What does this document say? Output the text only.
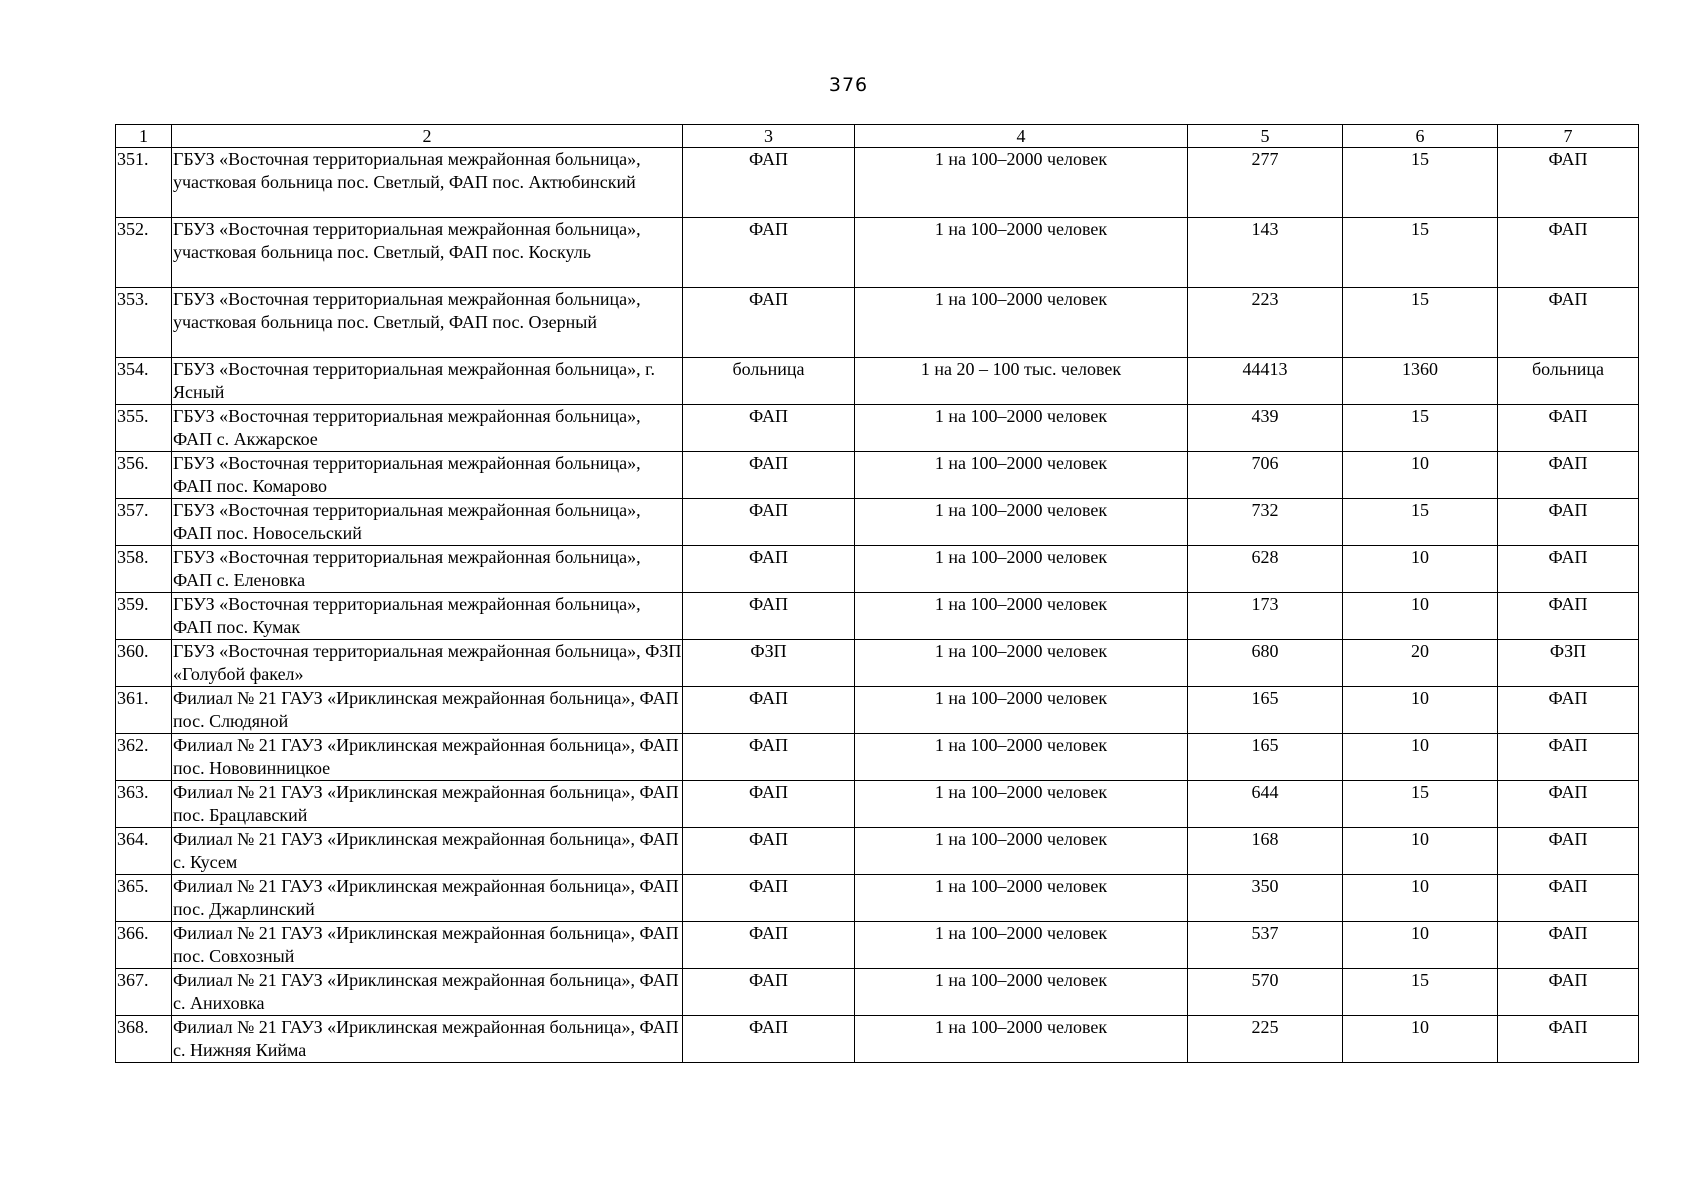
376
1	2	3	4	5	6	7
351.	ГБУЗ «Восточная территориальная межрайонная больница», участковая больница пос. Светлый, ФАП пос. Актюбинский	ФАП	1 на 100–2000 человек	277	15	ФАП
352.	ГБУЗ «Восточная территориальная межрайонная больница», участковая больница пос. Светлый, ФАП пос. Коскуль	ФАП	1 на 100–2000 человек	143	15	ФАП
353.	ГБУЗ «Восточная территориальная межрайонная больница», участковая больница пос. Светлый, ФАП пос. Озерный	ФАП	1 на 100–2000 человек	223	15	ФАП
354.	ГБУЗ «Восточная территориальная межрайонная больница», г. Ясный	больница	1 на 20 – 100 тыс. человек	44413	1360	больница
355.	ГБУЗ «Восточная территориальная межрайонная больница», ФАП с. Акжарское	ФАП	1 на 100–2000 человек	439	15	ФАП
356.	ГБУЗ «Восточная территориальная межрайонная больница», ФАП пос. Комарово	ФАП	1 на 100–2000 человек	706	10	ФАП
357.	ГБУЗ «Восточная территориальная межрайонная больница», ФАП пос. Новосельский	ФАП	1 на 100–2000 человек	732	15	ФАП
358.	ГБУЗ «Восточная территориальная межрайонная больница», ФАП с. Еленовка	ФАП	1 на 100–2000 человек	628	10	ФАП
359.	ГБУЗ «Восточная территориальная межрайонная больница», ФАП пос. Кумак	ФАП	1 на 100–2000 человек	173	10	ФАП
360.	ГБУЗ «Восточная территориальная межрайонная больница», ФЗП «Голубой факел»	ФЗП	1 на 100–2000 человек	680	20	ФЗП
361.	Филиал № 21 ГАУЗ «Ириклинская межрайонная больница», ФАП пос. Слюдяной	ФАП	1 на 100–2000 человек	165	10	ФАП
362.	Филиал № 21 ГАУЗ «Ириклинская межрайонная больница», ФАП пос. Нововинницкое	ФАП	1 на 100–2000 человек	165	10	ФАП
363.	Филиал № 21 ГАУЗ «Ириклинская межрайонная больница», ФАП пос. Брацлавский	ФАП	1 на 100–2000 человек	644	15	ФАП
364.	Филиал № 21 ГАУЗ «Ириклинская межрайонная больница», ФАП с. Кусем	ФАП	1 на 100–2000 человек	168	10	ФАП
365.	Филиал № 21 ГАУЗ «Ириклинская межрайонная больница», ФАП пос. Джарлинский	ФАП	1 на 100–2000 человек	350	10	ФАП
366.	Филиал № 21 ГАУЗ «Ириклинская межрайонная больница», ФАП пос. Совхозный	ФАП	1 на 100–2000 человек	537	10	ФАП
367.	Филиал № 21 ГАУЗ «Ириклинская межрайонная больница», ФАП с. Аниховка	ФАП	1 на 100–2000 человек	570	15	ФАП
368.	Филиал № 21 ГАУЗ «Ириклинская межрайонная больница», ФАП с. Нижняя Кийма	ФАП	1 на 100–2000 человек	225	10	ФАП
